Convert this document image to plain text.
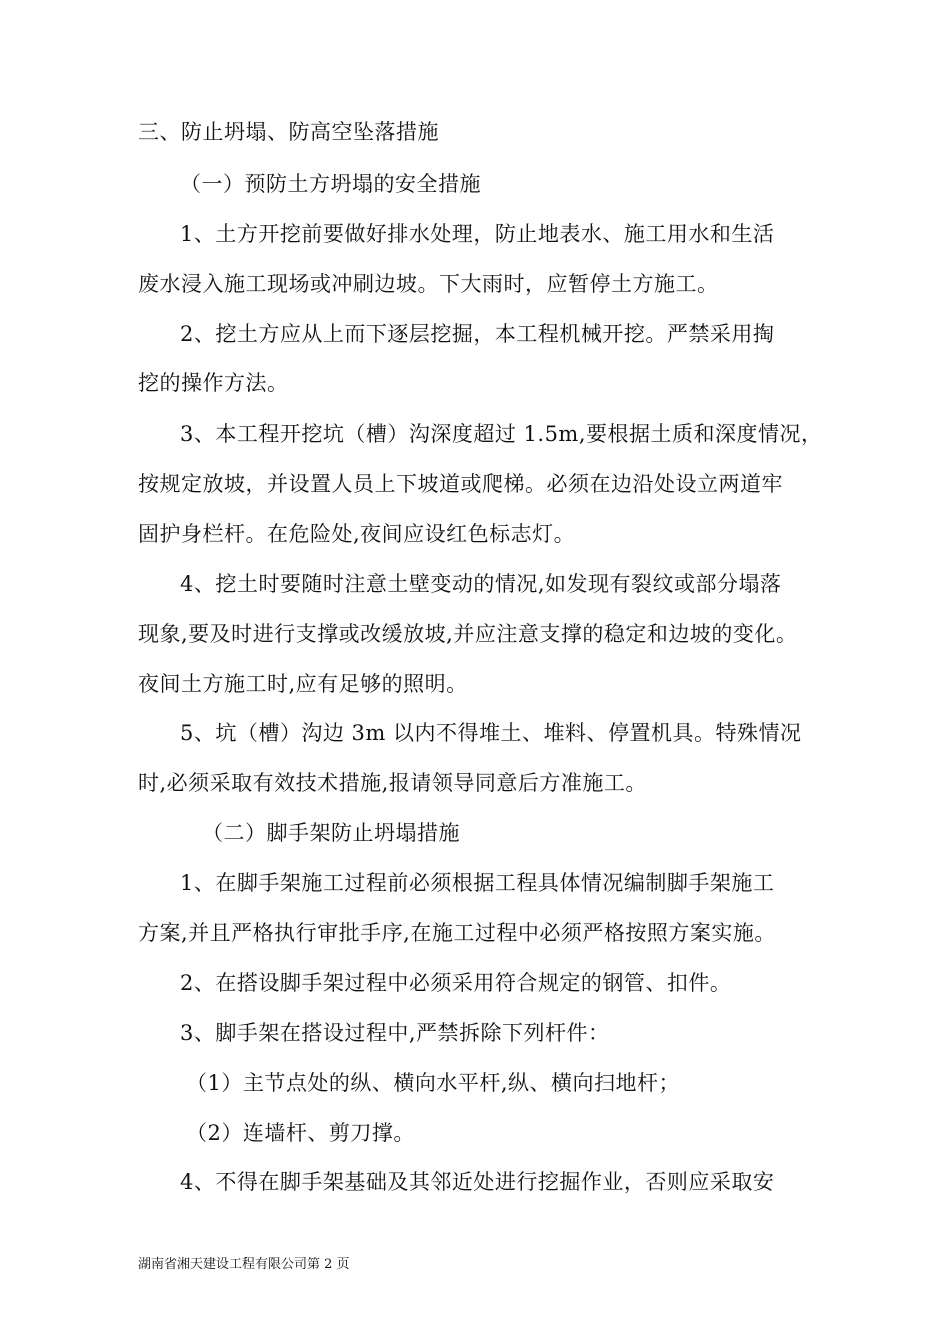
三、防止坍塌、防高空坠落措施
（一）预防土方坍塌的安全措施
1、土方开挖前要做好排水处理，防止地表水、施工用水和生活
废水浸入施工现场或冲刷边坡。下大雨时，应暂停土方施工。
2、挖土方应从上而下逐层挖掘，本工程机械开挖。严禁采用掏
挖的操作方法。
3、本工程开挖坑（槽）沟深度超过 1.5m,要根据土质和深度情况，
按规定放坡，并设置人员上下坡道或爬梯。必须在边沿处设立两道牢
固护身栏杆。在危险处,夜间应设红色标志灯。
4、挖土时要随时注意土壁变动的情况,如发现有裂纹或部分塌落
现象,要及时进行支撑或改缓放坡,并应注意支撑的稳定和边坡的变化。
夜间土方施工时,应有足够的照明。
5、坑（槽）沟边 3m 以内不得堆土、堆料、停置机具。特殊情况
时,必须采取有效技术措施,报请领导同意后方准施工。
（二）脚手架防止坍塌措施
1、在脚手架施工过程前必须根据工程具体情况编制脚手架施工
方案,并且严格执行审批手序,在施工过程中必须严格按照方案实施。
2、在搭设脚手架过程中必须采用符合规定的钢管、扣件。
3、脚手架在搭设过程中,严禁拆除下列杆件：
（1）主节点处的纵、横向水平杆,纵、横向扫地杆；
（2）连墙杆、剪刀撑。
4、不得在脚手架基础及其邻近处进行挖掘作业，否则应采取安
湖南省湘天建设工程有限公司第 2 页
